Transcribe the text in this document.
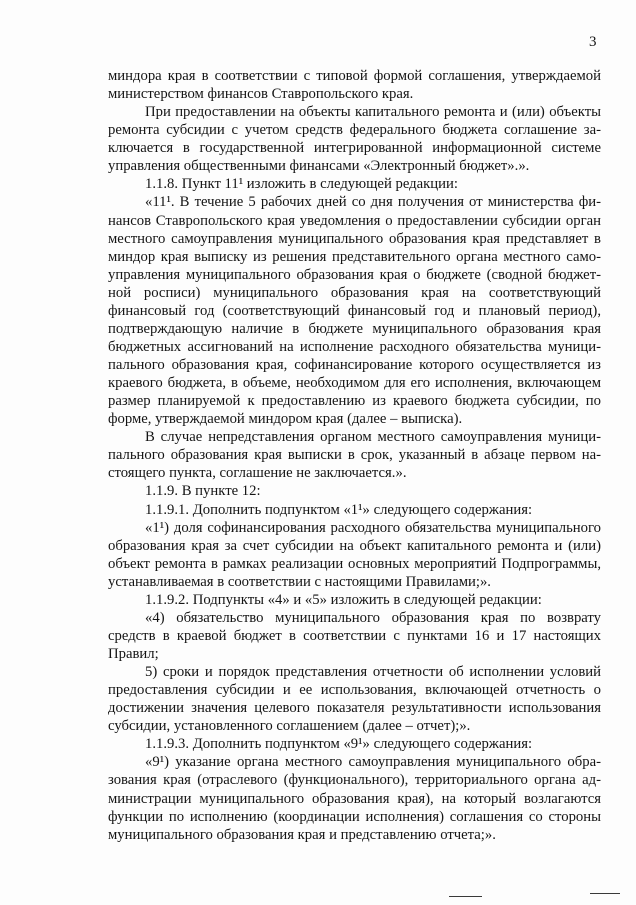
3
миндора края в соответствии с типовой формой соглашения, утверждаемой
министерством финансов Ставропольского края.
При предоставлении на объекты капитального ремонта и (или) объекты
ремонта субсидии с учетом средств федерального бюджета соглашение за-
ключается в государственной интегрированной информационной системе
управления общественными финансами «Электронный бюджет».».
1.1.8. Пункт 11¹ изложить в следующей редакции:
«11¹. В течение 5 рабочих дней со дня получения от министерства фи-
нансов Ставропольского края уведомления о предоставлении субсидии орган
местного самоуправления муниципального образования края представляет в
миндор края выписку из решения представительного органа местного само-
управления муниципального образования края о бюджете (сводной бюджет-
ной росписи) муниципального образования края на соответствующий
финансовый год (соответствующий финансовый год и плановый период),
подтверждающую наличие в бюджете муниципального образования края
бюджетных ассигнований на исполнение расходного обязательства муници-
пального образования края, софинансирование которого осуществляется из
краевого бюджета, в объеме, необходимом для его исполнения, включающем
размер планируемой к предоставлению из краевого бюджета субсидии, по
форме, утверждаемой миндором края (далее – выписка).
В случае непредставления органом местного самоуправления муници-
пального образования края выписки в срок, указанный в абзаце первом на-
стоящего пункта, соглашение не заключается.».
1.1.9. В пункте 12:
1.1.9.1. Дополнить подпунктом «1¹» следующего содержания:
«1¹) доля софинансирования расходного обязательства муниципального
образования края за счет субсидии на объект капитального ремонта и (или)
объект ремонта в рамках реализации основных мероприятий Подпрограммы,
устанавливаемая в соответствии с настоящими Правилами;».
1.1.9.2. Подпункты «4» и «5» изложить в следующей редакции:
«4) обязательство муниципального образования края по возврату
средств в краевой бюджет в соответствии с пунктами 16 и 17 настоящих
Правил;
5) сроки и порядок представления отчетности об исполнении условий
предоставления субсидии и ее использования, включающей отчетность о
достижении значения целевого показателя результативности использования
субсидии, установленного соглашением (далее – отчет);».
1.1.9.3. Дополнить подпунктом «9¹» следующего содержания:
«9¹) указание органа местного самоуправления муниципального обра-
зования края (отраслевого (функционального), территориального органа ад-
министрации муниципального образования края), на который возлагаются
функции по исполнению (координации исполнения) соглашения со стороны
муниципального образования края и представлению отчета;».
